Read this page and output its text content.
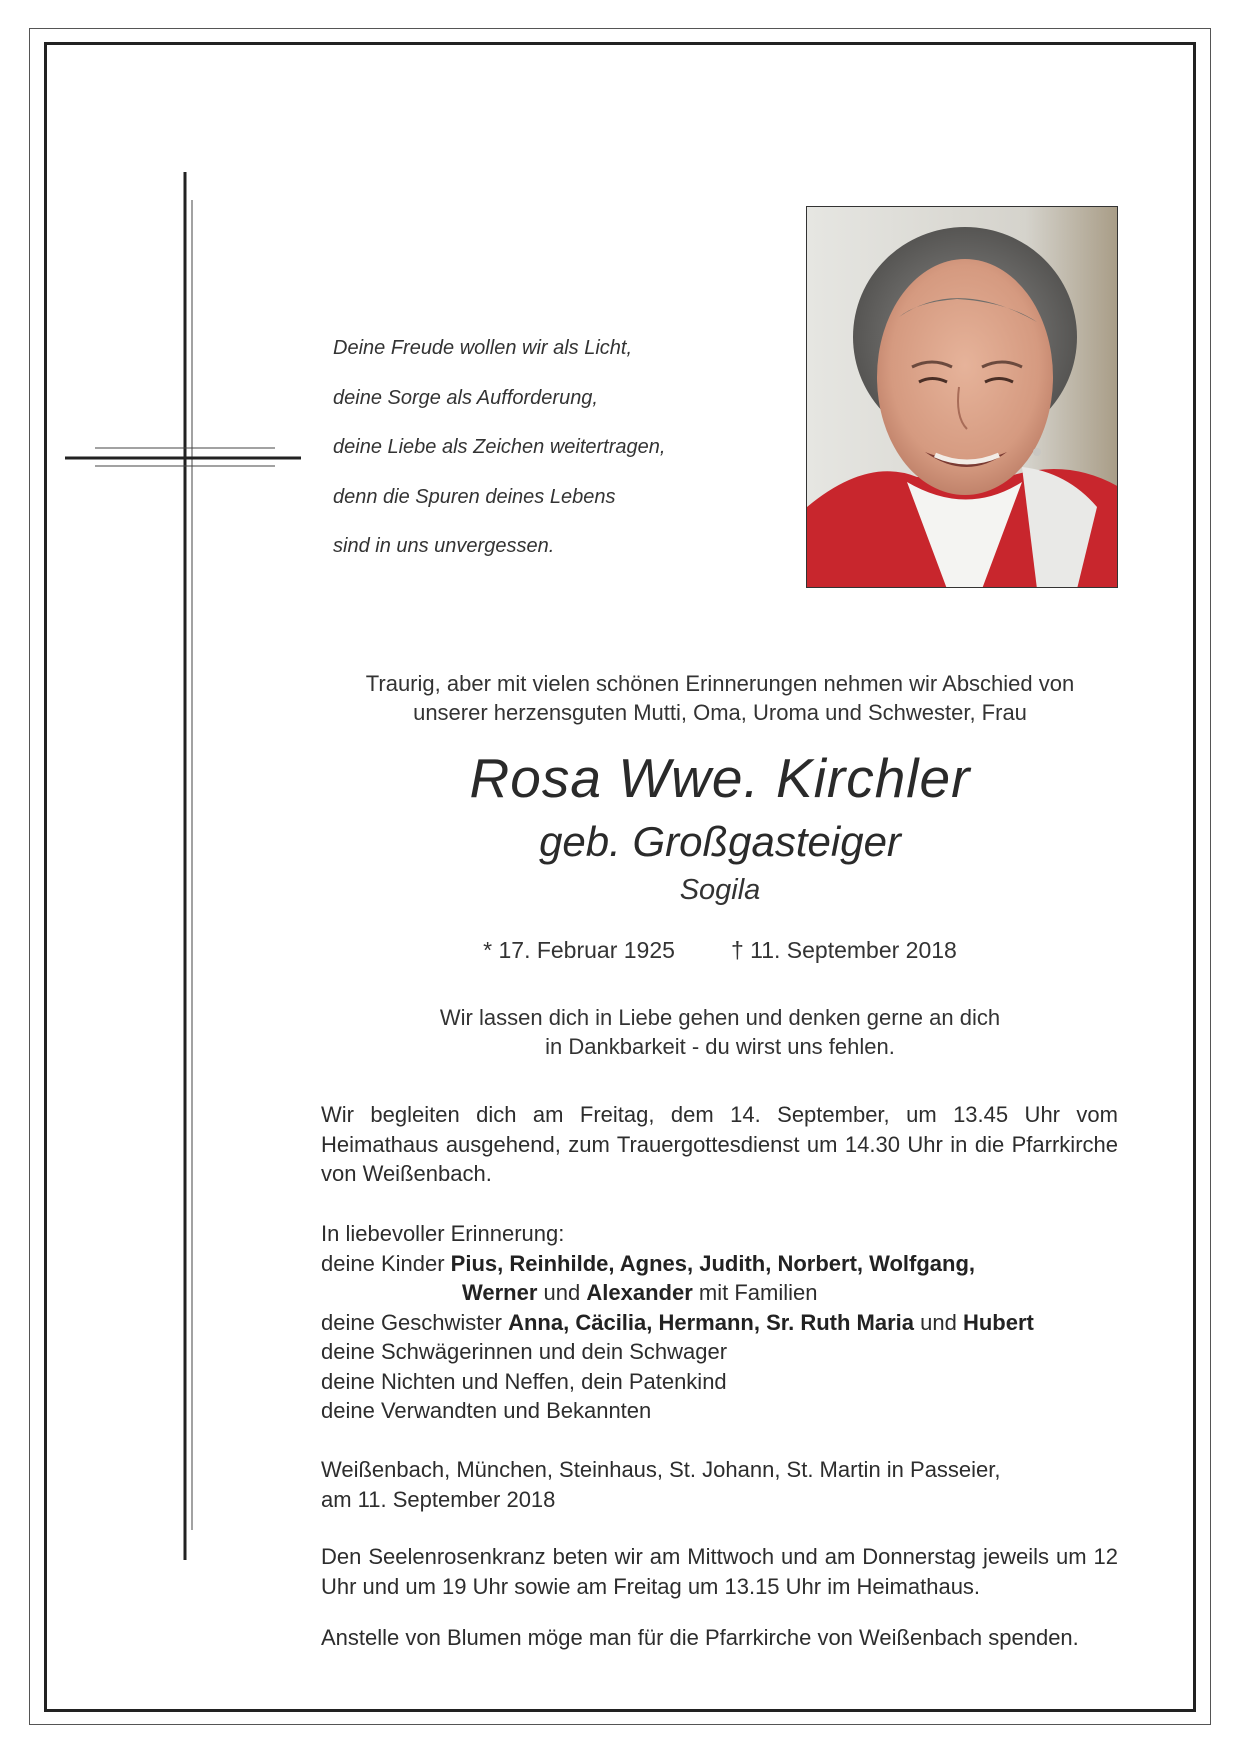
Deine Freude wollen wir als Licht,
deine Sorge als Aufforderung,
deine Liebe als Zeichen weitertragen,
denn die Spuren deines Lebens
sind in uns unvergessen.
Traurig, aber mit vielen schönen Erinnerungen nehmen wir Abschied von
unserer herzensguten Mutti, Oma, Uroma und Schwester, Frau
Rosa Wwe. Kirchler
geb. Großgasteiger
Sogila
* 17. Februar 1925 † 11. September 2018
Wir lassen dich in Liebe gehen und denken gerne an dich
in Dankbarkeit - du wirst uns fehlen.
Wir begleiten dich am Freitag, dem 14. September, um 13.45 Uhr vom Heimathaus ausgehend, zum Trauergottesdienst um 14.30 Uhr in die Pfarrkirche von Weißenbach.
In liebevoller Erinnerung:
deine Kinder Pius, Reinhilde, Agnes, Judith, Norbert, Wolfgang,
Werner und Alexander mit Familien
deine Geschwister Anna, Cäcilia, Hermann, Sr. Ruth Maria und Hubert
deine Schwägerinnen und dein Schwager
deine Nichten und Neffen, dein Patenkind
deine Verwandten und Bekannten
Weißenbach, München, Steinhaus, St. Johann, St. Martin in Passeier,
am 11. September 2018
Den Seelenrosenkranz beten wir am Mittwoch und am Donnerstag jeweils um 12 Uhr und um 19 Uhr sowie am Freitag um 13.15 Uhr im Heimathaus.
Anstelle von Blumen möge man für die Pfarrkirche von Weißenbach spenden.
